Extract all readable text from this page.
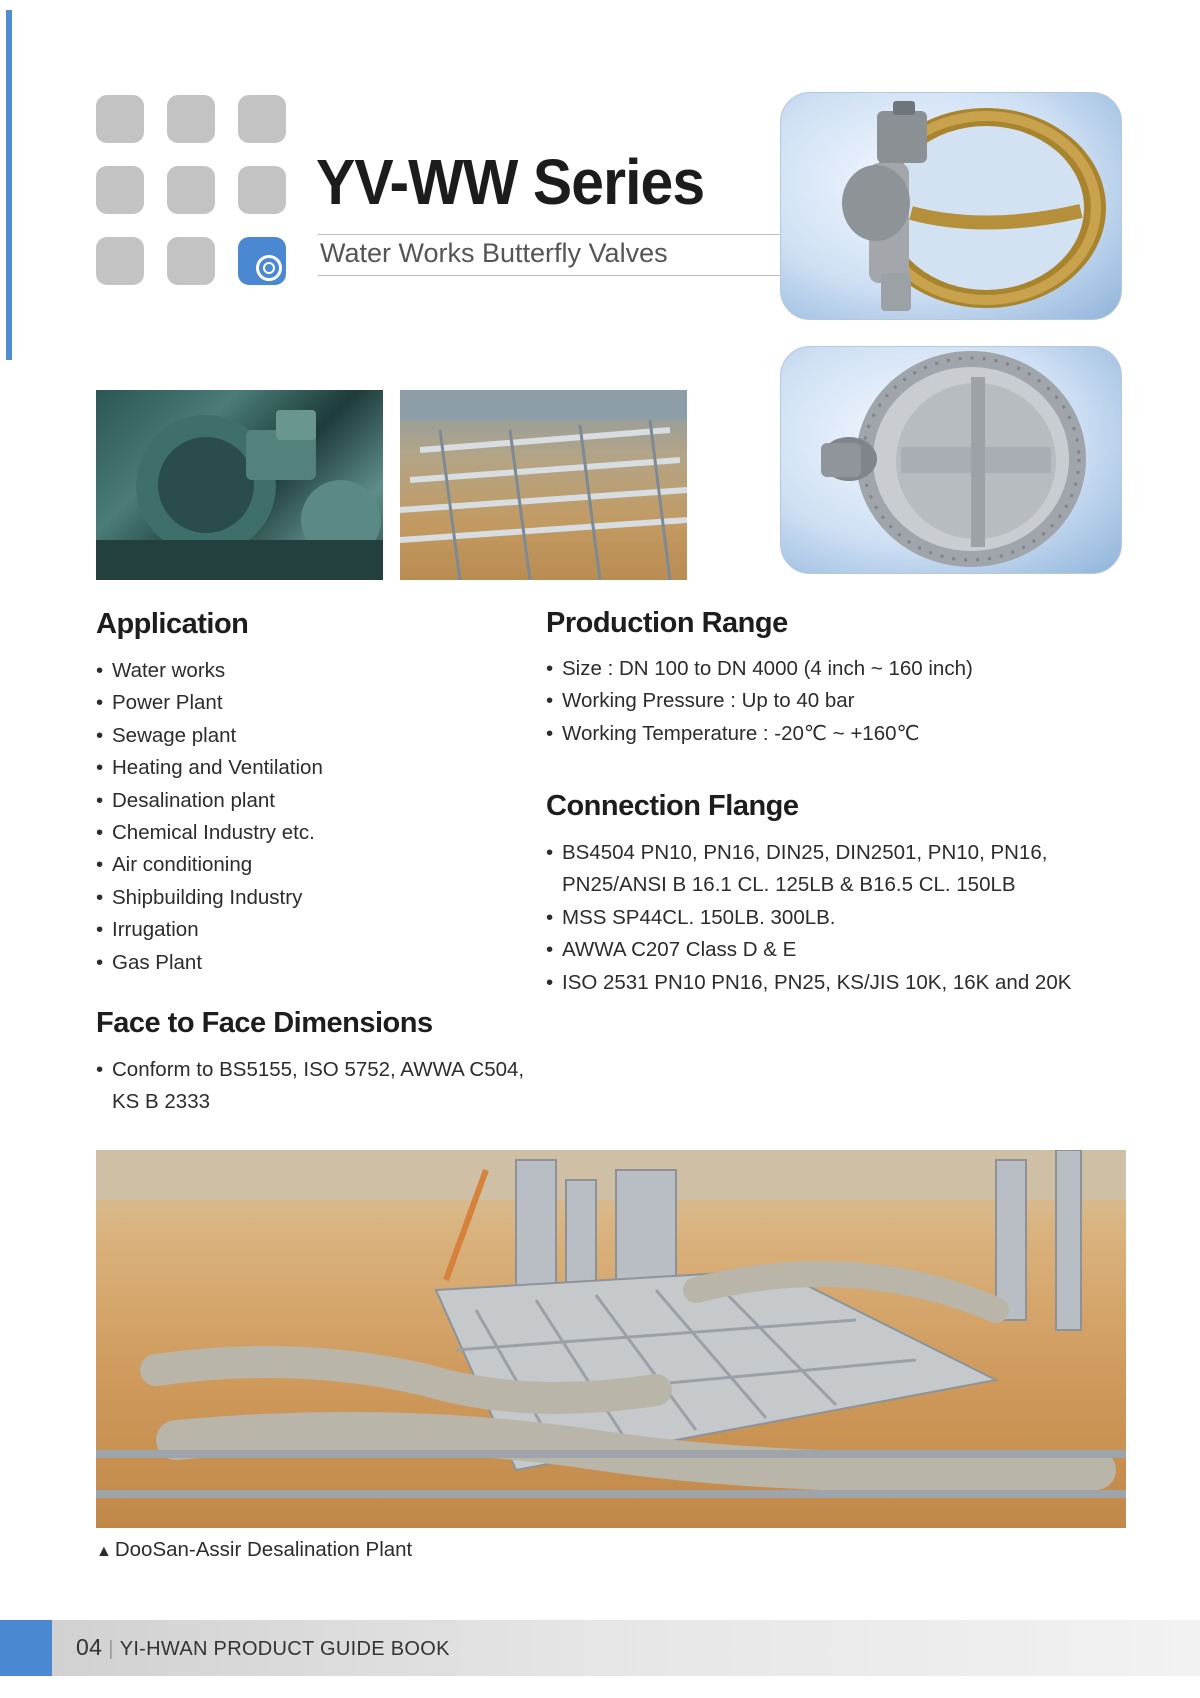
YV-WW Series
Water Works Butterfly Valves
Application
• Water works
• Power Plant
• Sewage plant
• Heating and Ventilation
• Desalination plant
• Chemical Industry etc.
• Air conditioning
• Shipbuilding Industry
• Irrugation
• Gas Plant
Face to Face Dimensions
• Conform to BS5155, ISO 5752, AWWA C504,
KS B 2333
Production Range
• Size : DN 100 to DN 4000 (4 inch ~ 160 inch)
• Working Pressure : Up to 40 bar
• Working Temperature : -20℃ ~ +160℃
Connection Flange
• BS4504 PN10, PN16, DIN25, DIN2501, PN10, PN16,
PN25/ANSI B 16.1 CL. 125LB & B16.5 CL. 150LB
• MSS SP44CL. 150LB. 300LB.
• AWWA C207 Class D & E
• ISO 2531 PN10 PN16, PN25, KS/JIS 10K, 16K and 20K
▲ DooSan-Assir Desalination Plant
04 | YI-HWAN PRODUCT GUIDE BOOK
